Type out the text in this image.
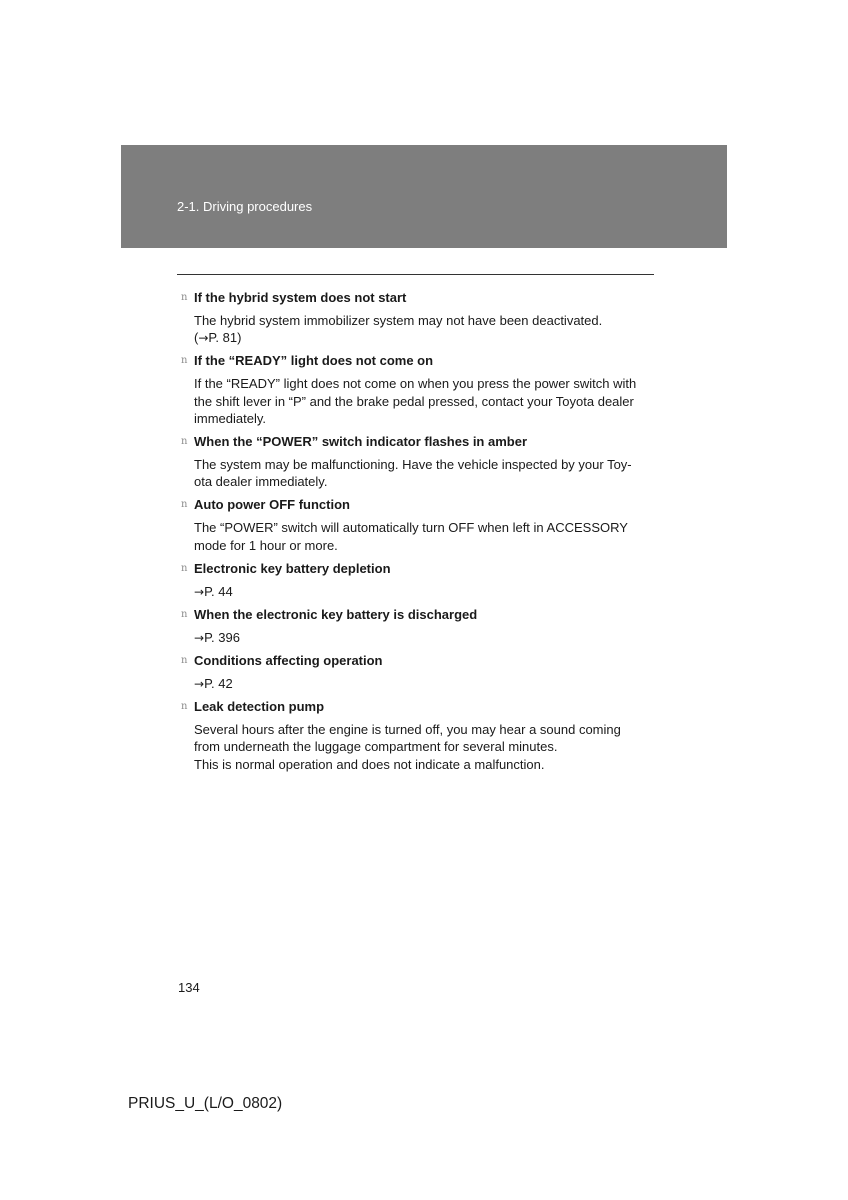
2-1. Driving procedures
n If the hybrid system does not start
The hybrid system immobilizer system may not have been deactivated.
(→P. 81)
n If the “READY” light does not come on
If the “READY” light does not come on when you press the power switch with
the shift lever in “P” and the brake pedal pressed, contact your Toyota dealer
immediately.
n When the “POWER” switch indicator flashes in amber
The system may be malfunctioning. Have the vehicle inspected by your Toy-
ota dealer immediately.
n Auto power OFF function
The “POWER” switch will automatically turn OFF when left in ACCESSORY
mode for 1 hour or more.
n Electronic key battery depletion
→P. 44
n When the electronic key battery is discharged
→P. 396
n Conditions affecting operation
→P. 42
n Leak detection pump
Several hours after the engine is turned off, you may hear a sound coming
from underneath the luggage compartment for several minutes.
This is normal operation and does not indicate a malfunction.
134
PRIUS_U_(L/O_0802)
